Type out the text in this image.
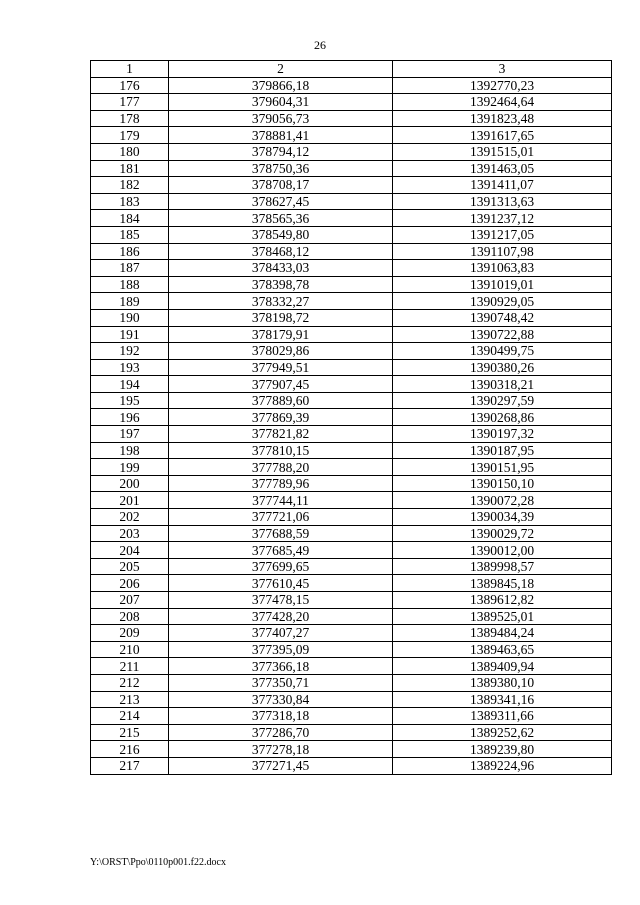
26
1	2	3
176	379866,18	1392770,23
177	379604,31	1392464,64
178	379056,73	1391823,48
179	378881,41	1391617,65
180	378794,12	1391515,01
181	378750,36	1391463,05
182	378708,17	1391411,07
183	378627,45	1391313,63
184	378565,36	1391237,12
185	378549,80	1391217,05
186	378468,12	1391107,98
187	378433,03	1391063,83
188	378398,78	1391019,01
189	378332,27	1390929,05
190	378198,72	1390748,42
191	378179,91	1390722,88
192	378029,86	1390499,75
193	377949,51	1390380,26
194	377907,45	1390318,21
195	377889,60	1390297,59
196	377869,39	1390268,86
197	377821,82	1390197,32
198	377810,15	1390187,95
199	377788,20	1390151,95
200	377789,96	1390150,10
201	377744,11	1390072,28
202	377721,06	1390034,39
203	377688,59	1390029,72
204	377685,49	1390012,00
205	377699,65	1389998,57
206	377610,45	1389845,18
207	377478,15	1389612,82
208	377428,20	1389525,01
209	377407,27	1389484,24
210	377395,09	1389463,65
211	377366,18	1389409,94
212	377350,71	1389380,10
213	377330,84	1389341,16
214	377318,18	1389311,66
215	377286,70	1389252,62
216	377278,18	1389239,80
217	377271,45	1389224,96
Y:\ORST\Ppo\0110p001.f22.docx
